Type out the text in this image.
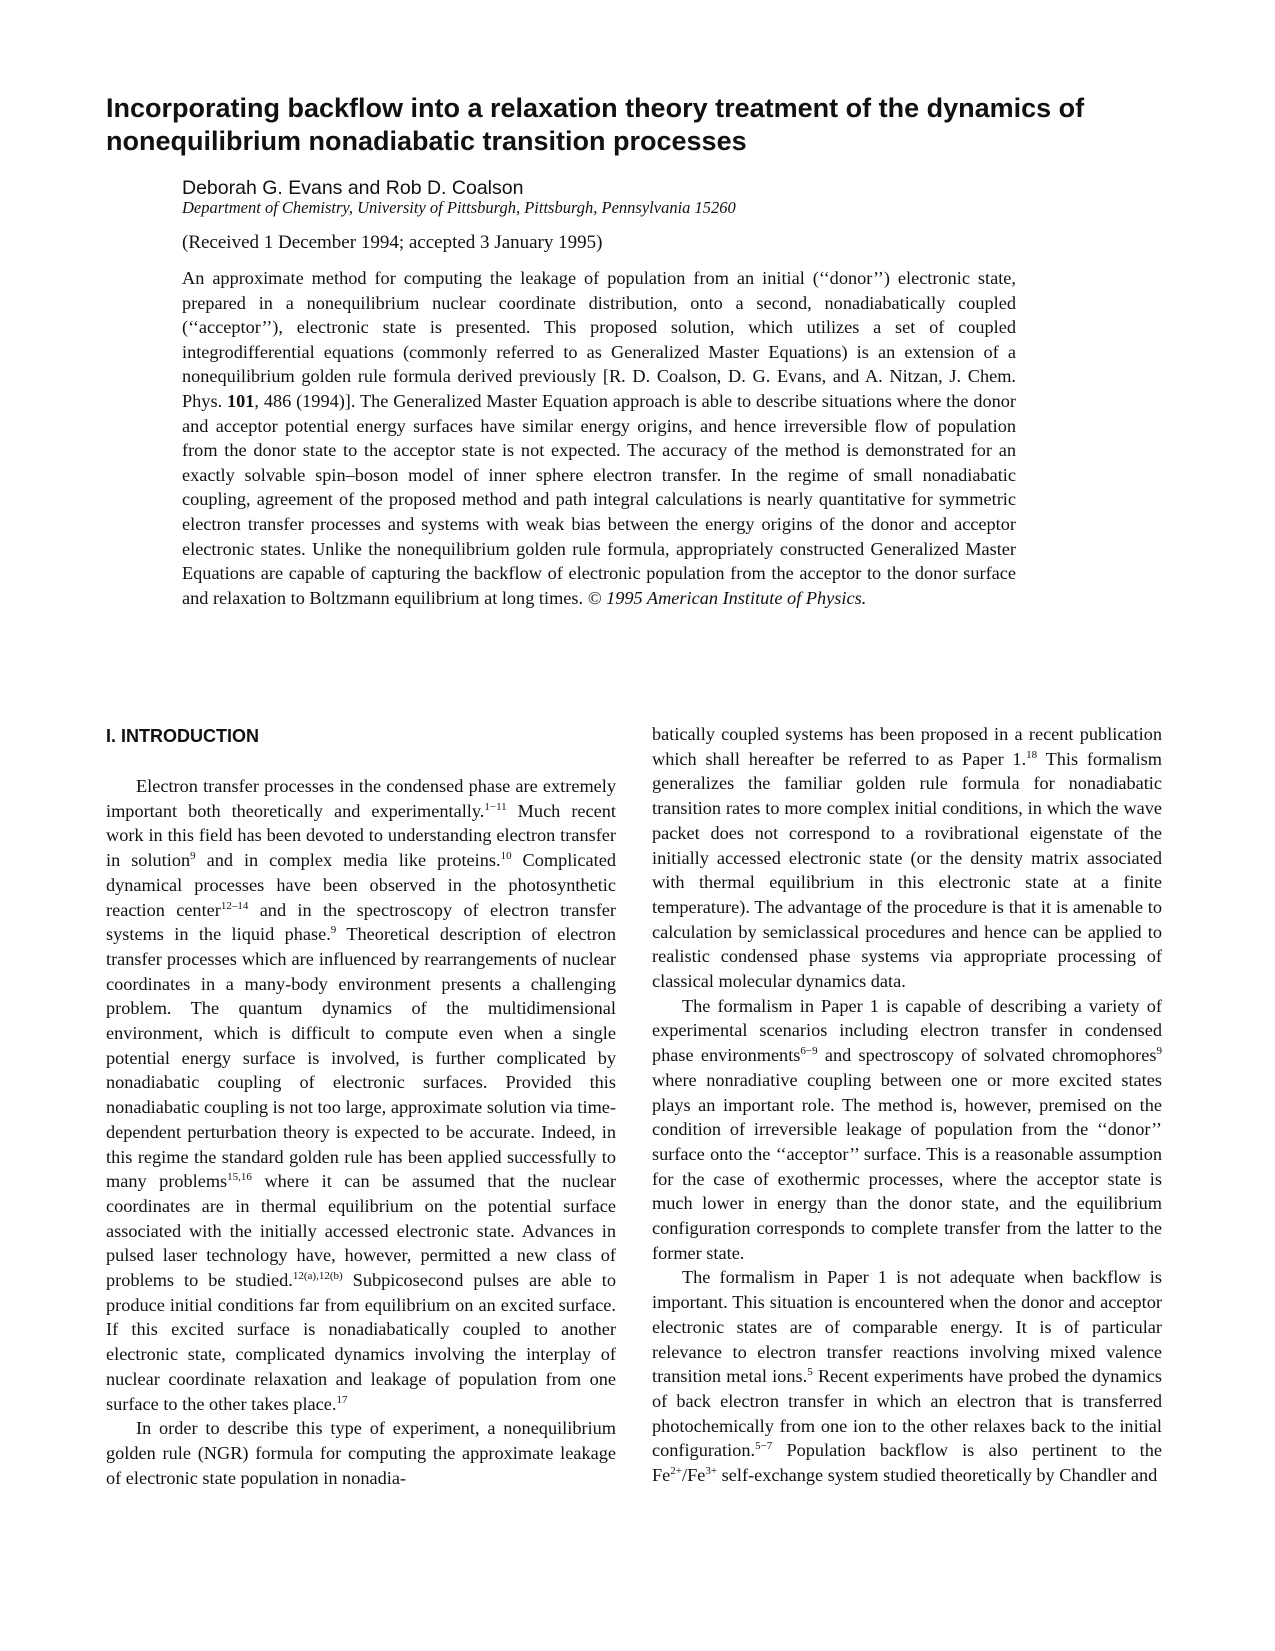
Incorporating backflow into a relaxation theory treatment of the dynamics of nonequilibrium nonadiabatic transition processes
Deborah G. Evans and Rob D. Coalson
Department of Chemistry, University of Pittsburgh, Pittsburgh, Pennsylvania 15260
(Received 1 December 1994; accepted 3 January 1995)

An approximate method for computing the leakage of population from an initial (‘‘donor’’) electronic state, prepared in a nonequilibrium nuclear coordinate distribution, onto a second, nonadiabatically coupled (‘‘acceptor’’), electronic state is presented. This proposed solution, which utilizes a set of coupled integrodifferential equations (commonly referred to as Generalized Master Equations) is an extension of a nonequilibrium golden rule formula derived previously [R. D. Coalson, D. G. Evans, and A. Nitzan, J. Chem. Phys. 101, 486 (1994)]. The Generalized Master Equation approach is able to describe situations where the donor and acceptor potential energy surfaces have similar energy origins, and hence irreversible flow of population from the donor state to the acceptor state is not expected. The accuracy of the method is demonstrated for an exactly solvable spin–boson model of inner sphere electron transfer. In the regime of small nonadiabatic coupling, agreement of the proposed method and path integral calculations is nearly quantitative for symmetric electron transfer processes and systems with weak bias between the energy origins of the donor and acceptor electronic states. Unlike the nonequilibrium golden rule formula, appropriately constructed Generalized Master Equations are capable of capturing the backflow of electronic population from the acceptor to the donor surface and relaxation to Boltzmann equilibrium at long times. © 1995 American Institute of Physics.

I. INTRODUCTION

Electron transfer processes in the condensed phase are extremely important both theoretically and experimentally.$^{1-11}$ Much recent work in this field has been devoted to understanding electron transfer in solution$^9$ and in complex media like proteins.$^{10}$ Complicated dynamical processes have been observed in the photosynthetic reaction center$^{12-14}$ and in the spectroscopy of electron transfer systems in the liquid phase.$^9$ Theoretical description of electron transfer processes which are influenced by rearrangements of nuclear coordinates in a many-body environment presents a challenging problem. The quantum dynamics of the multidimensional environment, which is difficult to compute even when a single potential energy surface is involved, is further complicated by nonadiabatic coupling of electronic surfaces. Provided this nonadiabatic coupling is not too large, approximate solution via time-dependent perturbation theory is expected to be accurate. Indeed, in this regime the standard golden rule has been applied successfully to many problems$^{15,16}$ where it can be assumed that the nuclear coordinates are in thermal equilibrium on the potential surface associated with the initially accessed electronic state. Advances in pulsed laser technology have, however, permitted a new class of problems to be studied.$^{12(a),12(b)}$ Subpicosecond pulses are able to produce initial conditions far from equilibrium on an excited surface. If this excited surface is nonadiabatically coupled to another electronic state, complicated dynamics involving the interplay of nuclear coordinate relaxation and leakage of population from one surface to the other takes place.$^{17}$

In order to describe this type of experiment, a nonequilibrium golden rule (NGR) formula for computing the approximate leakage of electronic state population in nonadia-

batically coupled systems has been proposed in a recent publication which shall hereafter be referred to as Paper 1.18 This formalism generalizes the familiar golden rule formula for nonadiabatic transition rates to more complex initial conditions, in which the wave packet does not correspond to a rovibrational eigenstate of the initially accessed electronic state (or the density matrix associated with thermal equilibrium in this electronic state at a finite temperature). The advantage of the procedure is that it is amenable to calculation by semiclassical procedures and hence can be applied to realistic condensed phase systems via appropriate processing of classical molecular dynamics data.

The formalism in Paper 1 is capable of describing a variety of experimental scenarios including electron transfer in condensed phase environments$^{6-9}$ and spectroscopy of solvated chromophores$^9$ where nonradiative coupling between one or more excited states plays an important role. The method is, however, premised on the condition of irreversible leakage of population from the ‘‘donor’’ surface onto the ‘‘acceptor’’ surface. This is a reasonable assumption for the case of exothermic processes, where the acceptor state is much lower in energy than the donor state, and the equilibrium configuration corresponds to complete transfer from the latter to the former state.

The formalism in Paper 1 is not adequate when backflow is important. This situation is encountered when the donor and acceptor electronic states are of comparable energy. It is of particular relevance to electron transfer reactions involving mixed valence transition metal ions.$^5$ Recent experiments have probed the dynamics of back electron transfer in which an electron that is transferred photochemically from one ion to the other relaxes back to the initial configuration.$^{5-7}$ Population backflow is also pertinent to the $Fe^{2+}/Fe^{3+}$ self-exchange system studied theoretically by Chandler and
